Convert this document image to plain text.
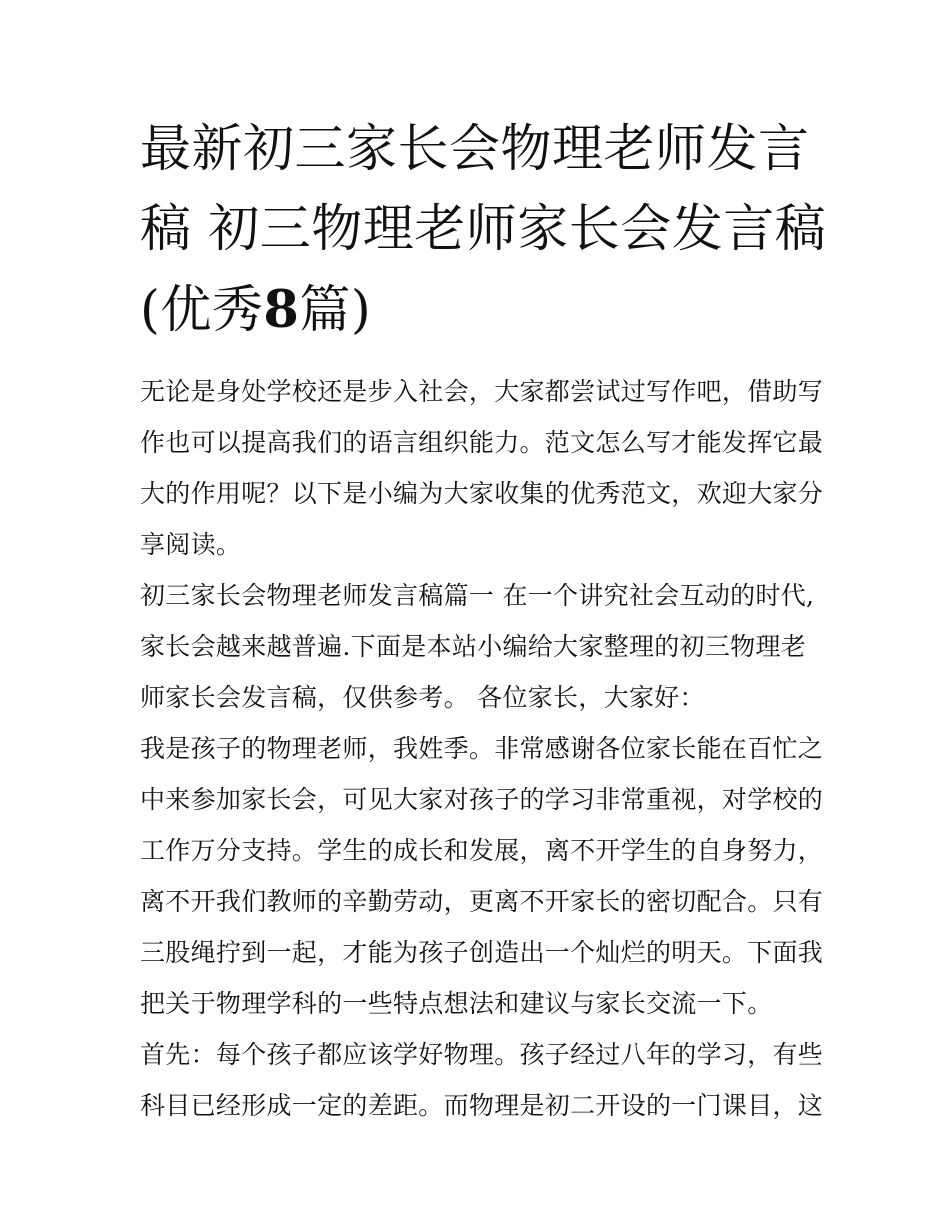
最新初三家长会物理老师发言
稿 初三物理老师家长会发言稿
(优秀8篇)

无论是身处学校还是步入社会，大家都尝试过写作吧，借助写
作也可以提高我们的语言组织能力。范文怎么写才能发挥它最
大的作用呢？以下是小编为大家收集的优秀范文，欢迎大家分
享阅读。

初三家长会物理老师发言稿篇一 在一个讲究社会互动的时代,
家长会越来越普遍.下面是本站小编给大家整理的初三物理老
师家长会发言稿，仅供参考。 各位家长，大家好：

我是孩子的物理老师，我姓季。非常感谢各位家长能在百忙之
中来参加家长会，可见大家对孩子的学习非常重视，对学校的
工作万分支持。学生的成长和发展，离不开学生的自身努力，
离不开我们教师的辛勤劳动，更离不开家长的密切配合。只有
三股绳拧到一起，才能为孩子创造出一个灿烂的明天。下面我
把关于物理学科的一些特点想法和建议与家长交流一下。

首先：每个孩子都应该学好物理。孩子经过八年的学习，有些
科目已经形成一定的差距。而物理是初二开设的一门课目，这
